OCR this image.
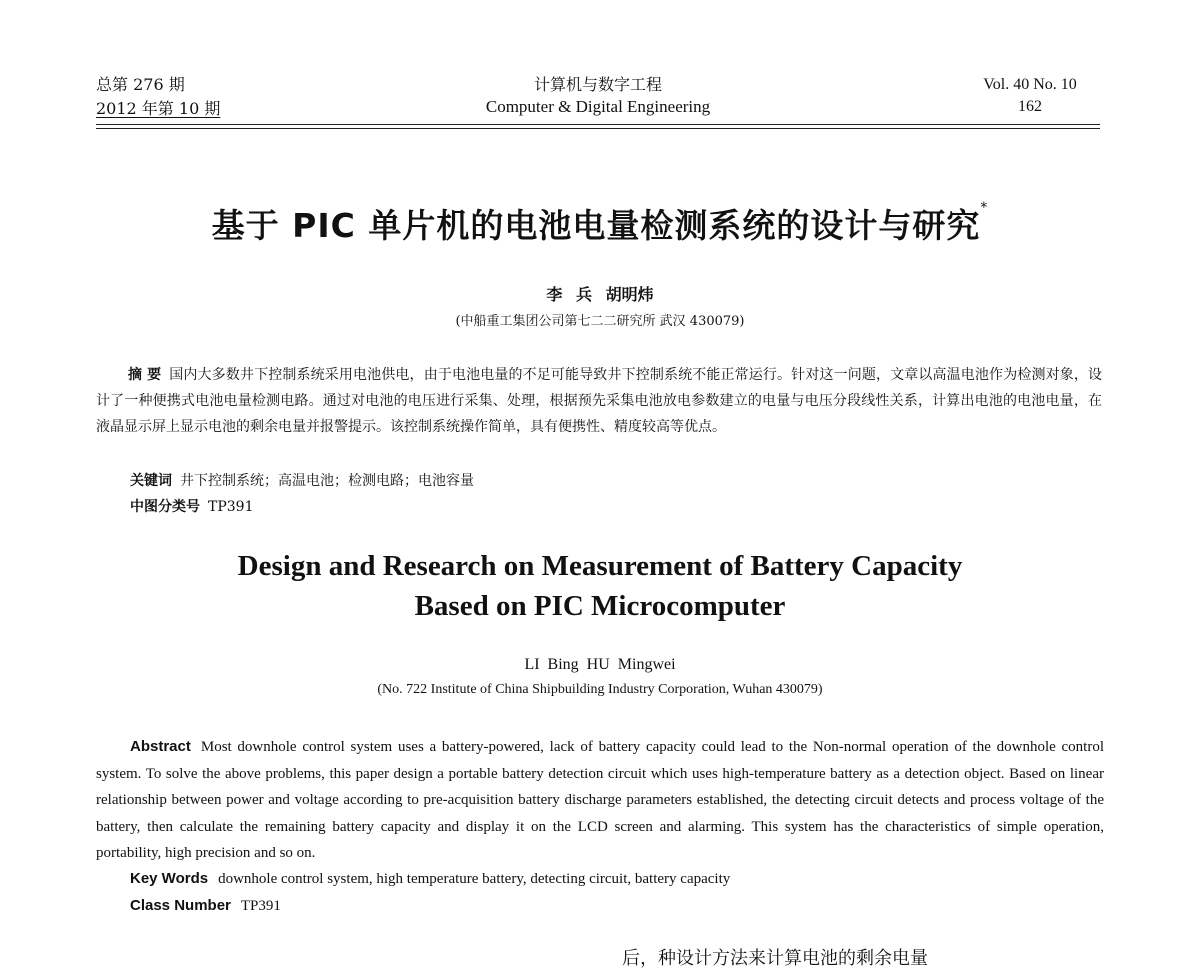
总第 276 期
2012 年第 10 期
计算机与数字工程
Computer & Digital Engineering
Vol. 40 No. 10
162
基于 PIC 单片机的电池电量检测系统的设计与研究*
李 兵 胡明炜
(中船重工集团公司第七二二研究所 武汉 430079)
摘 要 国内大多数井下控制系统采用电池供电，由于电池电量的不足可能导致井下控制系统不能正常运行。针对这一问题，文章以高温电池作为检测对象，设计了一种便携式电池电量检测电路。通过对电池的电压进行采集、处理，根据预先采集电池放电参数建立的电量与电压分段线性关系，计算出电池的电池电量，在液晶显示屏上显示电池的剩余电量并报警提示。该控制系统操作简单，具有便携性、精度较高等优点。
关键词 井下控制系统；高温电池；检测电路；电池容量
中图分类号 TP391
Design and Research on Measurement of Battery Capacity
Based on PIC Microcomputer
LI Bing HU Mingwei
(No. 722 Institute of China Shipbuilding Industry Corporation, Wuhan 430079)
Abstract Most downhole control system uses a battery-powered, lack of battery capacity could lead to the Non-normal operation of the downhole control system. To solve the above problems, this paper design a portable battery detection circuit which uses high-temperature battery as a detection object. Based on linear relationship between power and voltage according to pre-acquisition battery discharge parameters established, the detecting circuit detects and process voltage of the battery, then calculate the remaining battery capacity and display it on the LCD screen and alarming. This system has the characteristics of simple operation, portability, high precision and so on.
Key Words downhole control system, high temperature battery, detecting circuit, battery capacity
Class Number TP391
后，种设计方法来计算电池的剩余电量
